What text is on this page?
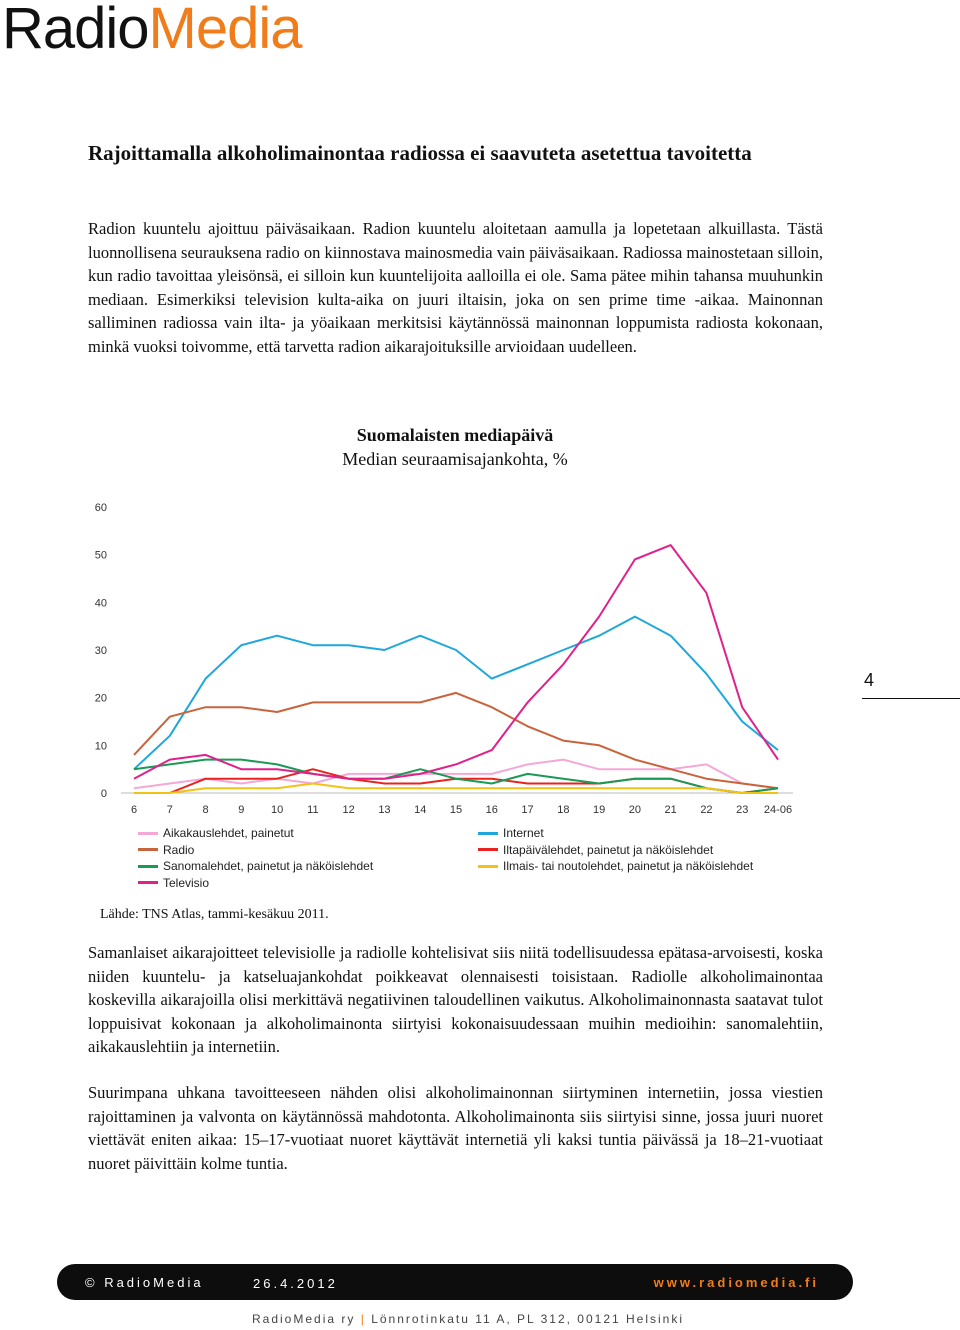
RadioMedia
Rajoittamalla alkoholimainontaa radiossa ei saavuteta asetettua tavoitetta
Radion kuuntelu ajoittuu päiväsaikaan. Radion kuuntelu aloitetaan aamulla ja lopetetaan alkuillasta. Tästä luonnollisena seurauksena radio on kiinnostava mainosmedia vain päiväsaikaan. Radiossa mainostetaan silloin, kun radio tavoittaa yleisönsä, ei silloin kun kuuntelijoita aalloilla ei ole. Sama pätee mihin tahansa muuhunkin mediaan. Esimerkiksi television kulta-aika on juuri iltaisin, joka on sen prime time -aikaa. Mainonnan salliminen radiossa vain ilta- ja yöaikaan merkitsisi käytännössä mainonnan loppumista radiosta kokonaan, minkä vuoksi toivomme, että tarvetta radion aikarajoituksille arvioidaan uudelleen.
Suomalaisten mediapäivä
Median seuraamisajankohta, %
0
10
20
30
40
50
60
6	7	8	9 10 11 12 13 14 15 16 17 18 19 20 21 22 23 24-06
Lähde: TNS Atlas, tammi-kesäkuu 2011.
4
Samanlaiset aikarajoitteet televisiolle ja radiolle kohtelisivat siis niitä todellisuudessa epätasa-arvoisesti, koska niiden kuuntelu- ja katseluajankohdat poikkeavat olennaisesti toisistaan. Radiolle alkoholimainontaa koskevilla aikarajoilla olisi merkittävä negatiivinen taloudellinen vaikutus. Alkoholimainonnasta saatavat tulot loppuisivat kokonaan ja alkoholimainonta siirtyisi kokonaisuudessaan muihin medioihin: sanomalehtiin, aikakauslehtiin ja internetiin.
Suurimpana uhkana tavoitteeseen nähden olisi alkoholimainonnan siirtyminen internetiin, jossa viestien rajoittaminen ja valvonta on käytännössä mahdotonta. Alkoholimainonta siis siirtyisi sinne, jossa juuri nuoret viettävät eniten aikaa: 15–17-vuotiaat nuoret käyttävät internetiä yli kaksi tuntia päivässä ja 18–21-vuotiaat nuoret päivittäin kolme tuntia.
© RadioMedia	26.4.2012	www.radiomedia.fi
RadioMedia ry | Lönnrotinkatu 11 A, PL 312, 00121 Helsinki
Aikakauslehdet, painetut
Radio
Sanomalehdet, painetut ja näköislehdet
Televisio
Internet
Iltapäivälehdet, painetut ja näköislehdet
Ilmais- tai noutolehdet, painetut ja näköislehdet
